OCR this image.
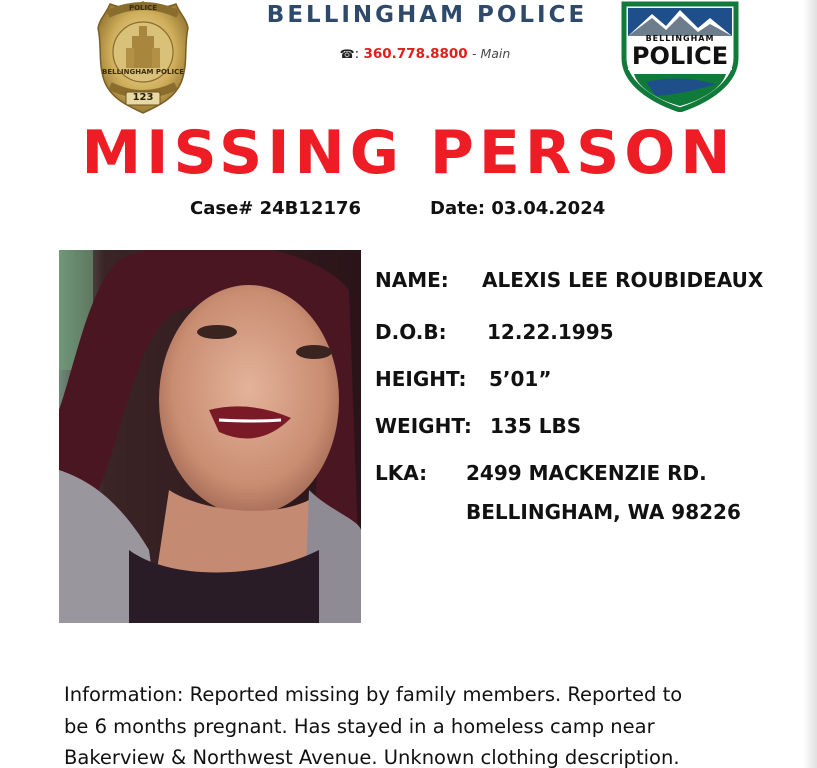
POLICE
BELLINGHAM POLICE
123
BELLINGHAM POLICE
☎: 360.778.8800 - Main
BELLINGHAM
POLICE
MISSING PERSON
Case# 24B12176	Date: 03.04.2024
NAME: ALEXIS LEE ROUBIDEAUX
D.O.B: 12.22.1995
HEIGHT: 5’01”
WEIGHT: 135 LBS
LKA: 2499 MACKENZIE RD.
BELLINGHAM, WA 98226
Information: Reported missing by family members. Reported to
be 6 months pregnant. Has stayed in a homeless camp near
Bakerview & Northwest Avenue. Unknown clothing description.
